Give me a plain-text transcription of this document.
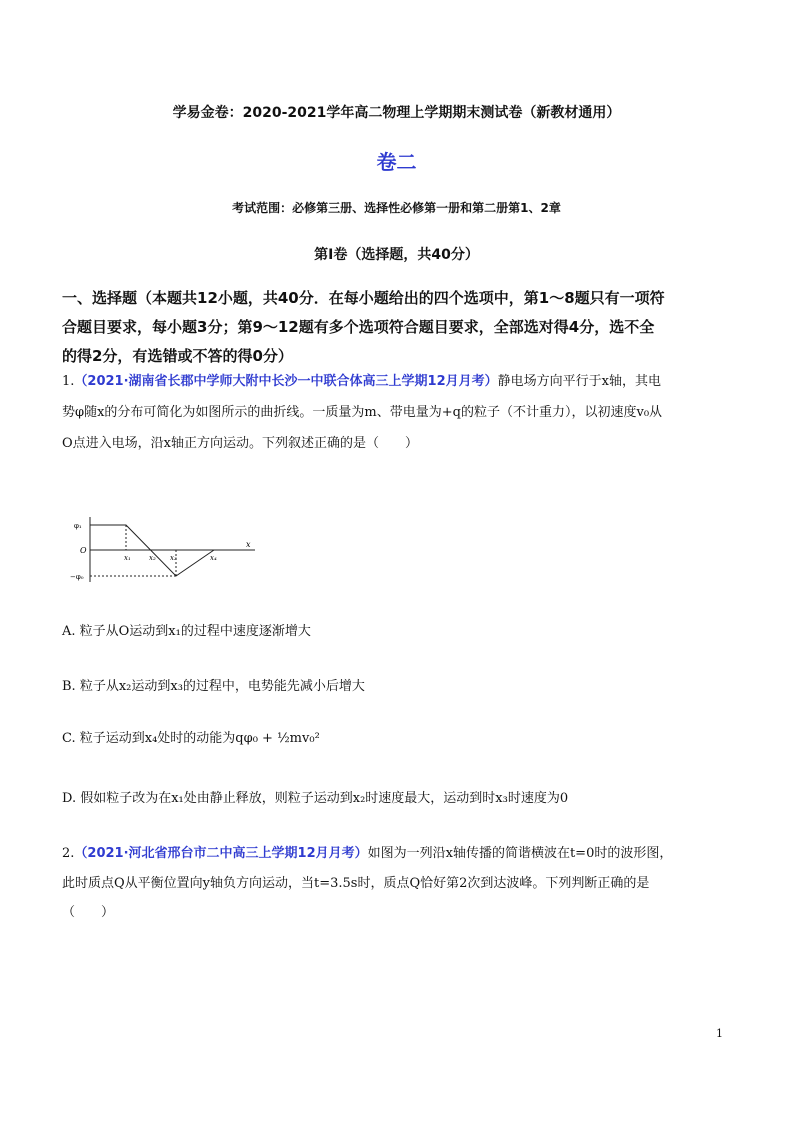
学易金卷：2020-2021学年高二物理上学期期末测试卷（新教材通用）
卷二
考试范围：必修第三册、选择性必修第一册和第二册第1、2章
第Ⅰ卷（选择题，共40分）
一、选择题（本题共12小题，共40分．在每小题给出的四个选项中，第1～8题只有一项符
合题目要求，每小题3分；第9～12题有多个选项符合题目要求，全部选对得4分，选不全
的得2分，有选错或不答的得0分）
1.（2021·湖南省长郡中学师大附中长沙一中联合体高三上学期12月月考）静电场方向平行于x轴，其电
势φ随x的分布可简化为如图所示的曲折线。一质量为m、带电量为+q的粒子（不计重力），以初速度v₀从
O点进入电场，沿x轴正方向运动。下列叙述正确的是（　　）
φ₁
−φ₀
O
x
x₁	x₂ x₃	x₄
A. 粒子从O运动到x₁的过程中速度逐渐增大
B. 粒子从x₂运动到x₃的过程中，电势能先减小后增大
C. 粒子运动到x₄处时的动能为qφ₀ + ½mv₀²
D. 假如粒子改为在x₁处由静止释放，则粒子运动到x₂时速度最大，运动到时x₃时速度为0
2.（2021·河北省邢台市二中高三上学期12月月考）如图为一列沿x轴传播的简谐横波在t=0时的波形图，
此时质点Q从平衡位置向y轴负方向运动，当t=3.5s时，质点Q恰好第2次到达波峰。下列判断正确的是
（　　）
1
